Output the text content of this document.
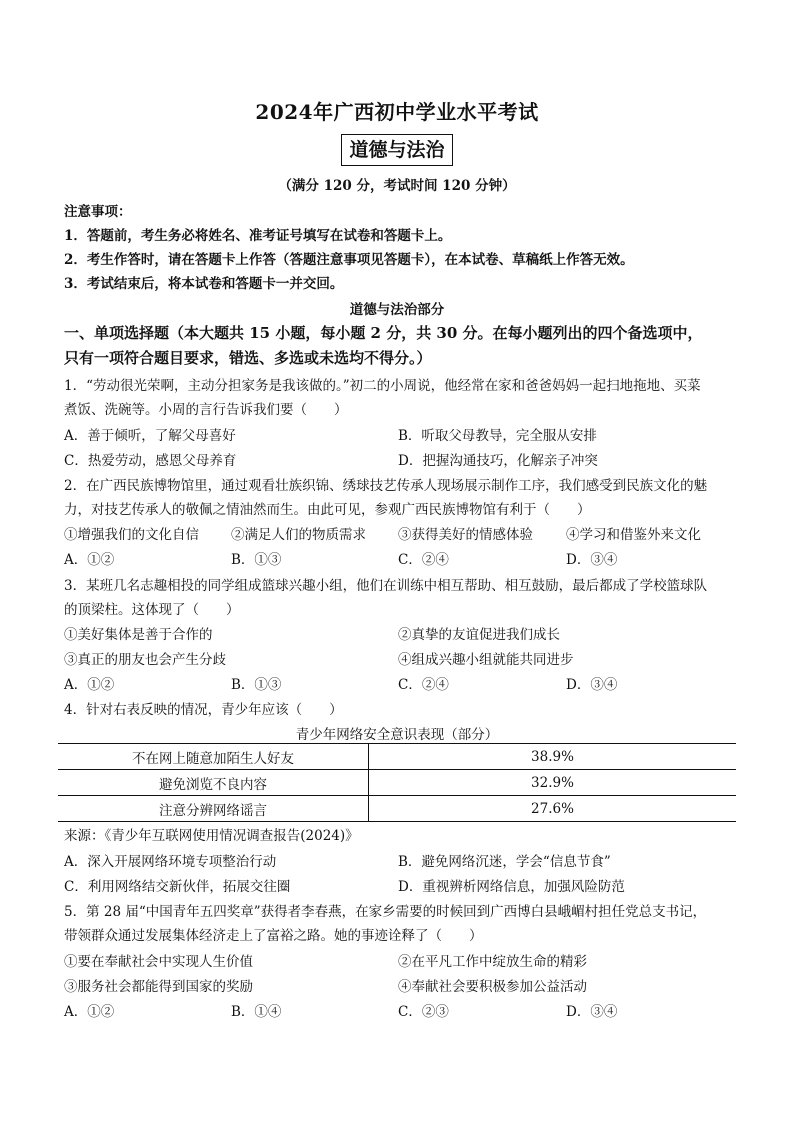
2024年广西初中学业水平考试
道德与法治
（满分 120 分，考试时间 120 分钟）
注意事项：
1．答题前，考生务必将姓名、准考证号填写在试卷和答题卡上。
2．考生作答时，请在答题卡上作答（答题注意事项见答题卡），在本试卷、草稿纸上作答无效。
3．考试结束后，将本试卷和答题卡一并交回。
道德与法治部分
一、单项选择题（本大题共 15 小题，每小题 2 分，共 30 分。在每小题列出的四个备选项中，
只有一项符合题目要求，错选、多选或未选均不得分。）
1．“劳动很光荣啊，主动分担家务是我该做的。”初二的小周说，他经常在家和爸爸妈妈一起扫地拖地、买菜
煮饭、洗碗等。小周的言行告诉我们要（　　）
A．善于倾听，了解父母喜好	B．听取父母教导，完全服从安排
C．热爱劳动，感恩父母养育	D．把握沟通技巧，化解亲子冲突
2．在广西民族博物馆里，通过观看壮族织锦、绣球技艺传承人现场展示制作工序，我们感受到民族文化的魅
力，对技艺传承人的敬佩之情油然而生。由此可见，参观广西民族博物馆有利于（　　）
①增强我们的文化自信 ②满足人们的物质需求 ③获得美好的情感体验 ④学习和借鉴外来文化
A．①②	B．①③	C．②④	D．③④
3．某班几名志趣相投的同学组成篮球兴趣小组，他们在训练中相互帮助、相互鼓励，最后都成了学校篮球队
的顶梁柱。这体现了（　　）
①美好集体是善于合作的	②真挚的友谊促进我们成长
③真正的朋友也会产生分歧	④组成兴趣小组就能共同进步
A．①②	B．①③	C．②④	D．③④
4．针对右表反映的情况，青少年应该（　　）
青少年网络安全意识表现（部分）
不在网上随意加陌生人好友	38.9%
避免浏览不良内容	32.9%
注意分辨网络谣言	27.6%
来源：《青少年互联网使用情况调查报告(2024)》
A．深入开展网络环境专项整治行动	B．避免网络沉迷，学会“信息节食”
C．利用网络结交新伙伴，拓展交往圈	D．重视辨析网络信息，加强风险防范
5．第 28 届“中国青年五四奖章”获得者李春燕，在家乡需要的时候回到广西博白县峨嵋村担任党总支书记，
带领群众通过发展集体经济走上了富裕之路。她的事迹诠释了（　　）
①要在奉献社会中实现人生价值	②在平凡工作中绽放生命的精彩
③服务社会都能得到国家的奖励	④奉献社会要积极参加公益活动
A．①②	B．①④	C．②③	D．③④
